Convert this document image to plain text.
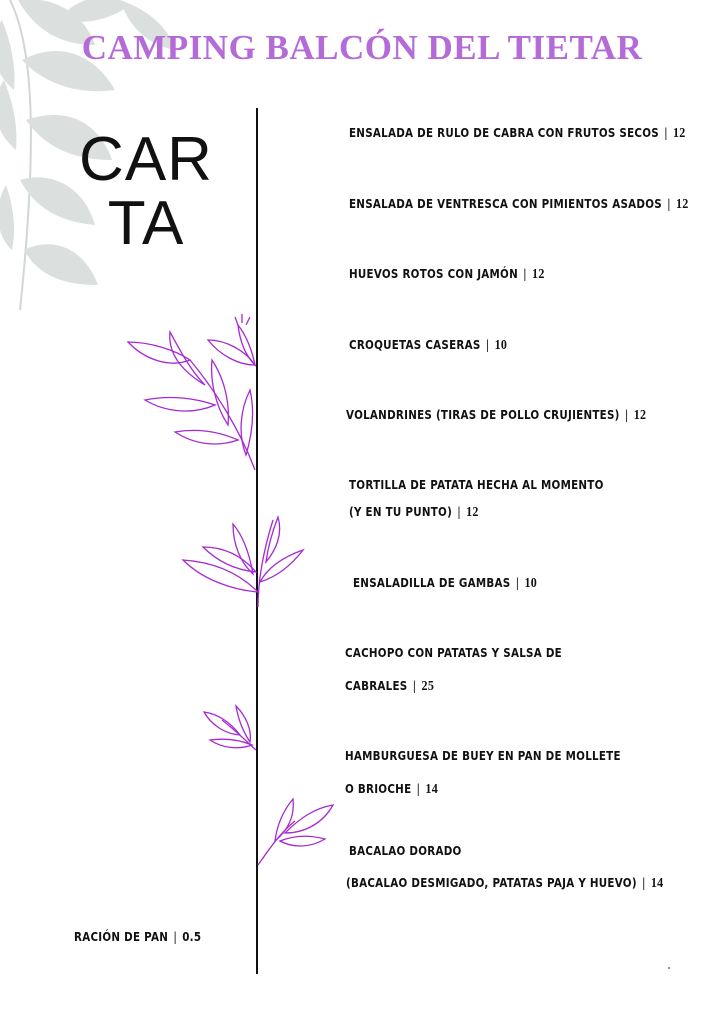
CAMPING BALCÓN DEL TIETAR
CAR
TA
ENSALADA DE RULO DE CABRA CON FRUTOS SECOS | 12
ENSALADA DE VENTRESCA CON PIMIENTOS ASADOS | 12
HUEVOS ROTOS CON JAMÓN | 12
CROQUETAS CASERAS | 10
VOLANDRINES (TIRAS DE POLLO CRUJIENTES) | 12
TORTILLA DE PATATA HECHA AL MOMENTO
(Y EN TU PUNTO) | 12
ENSALADILLA DE GAMBAS | 10
CACHOPO CON PATATAS Y SALSA DE
CABRALES | 25
HAMBURGUESA DE BUEY EN PAN DE MOLLETE
O BRIOCHE | 14
BACALAO DORADO
(BACALAO DESMIGADO, PATATAS PAJA Y HUEVO) | 14
RACIÓN DE PAN | 0.5
